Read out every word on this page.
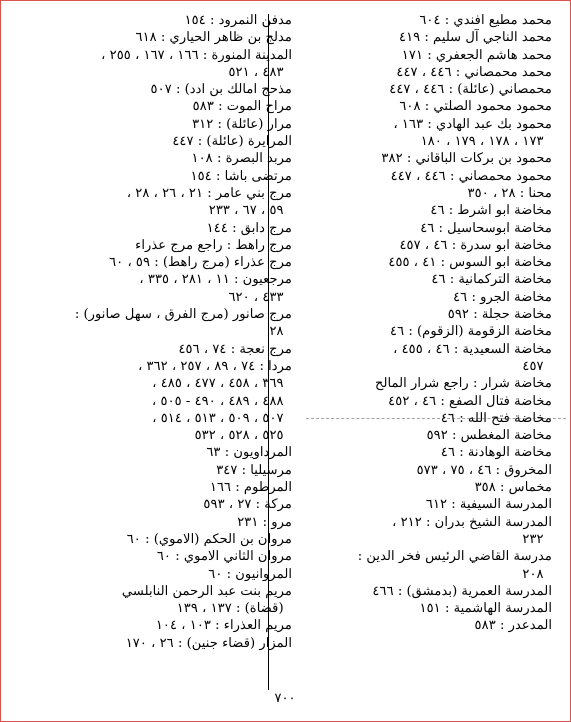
محمد مطيع افندي : ٦٠٤
محمد الناجي آل سليم : ٤١٩
محمد هاشم الجعفري : ١٧١
محمد محمصاني : ٤٤٦ ، ٤٤٧
محمصاني (عائلة) : ٤٤٦ ، ٤٤٧
محمود محمود الصلتي : ٦٠٨
محمود بك عبد الهادي : ١٦٣ ،
١٧٣ ، ١٧٨ ، ١٧٩ ، ١٨٠
محمود بن بركات الباقاني : ٣٨٢
محمود محمصاني : ٤٤٦ ، ٤٤٧
محنا : ٢٨ ، ٣٥٠
مخاضة ابو اشرط : ٤٦
مخاضة ابوسحاسيل : ٤٦
مخاضة ابو سدرة : ٤٦ ، ٤٥٧
مخاضة ابو السوس : ٤١ ، ٤٥٥
مخاضة التركمانية : ٤٦
مخاضة الجرو : ٤٦
مخاضة حجلة : ٥٩٢
مخاضة الزقومة (الزقوم) : ٤٦
مخاضة السعيدية : ٤٦ ، ٤٥٥ ،
٤٥٧
مخاضة شرار : راجع شرار المالح
مخاضة فتال الصفع : ٤٦ ، ٤٥٢
مخاضة فتح الله : ٤٦
مخاضة المغطس : ٥٩٢
مخاضة الوهادنة : ٤٦
المخروق : ٤٦ ، ٧٥ ، ٥٧٣
مخماس : ٣٥٨
المدرسة السيفية : ٦١٢
المدرسة الشيخ بدران : ٢١٢ ،
٢٣٢
مدرسة القاضي الرئيس فخر الدين :
٢٠٨
المدرسة العمرية (بدمشق) : ٤٦٦
المدرسة الهاشمية : ١٥١
المدعدر : ٥٨٣
مدفن النمرود : ١٥٤
مدلج بن ظاهر الحياري : ٦١٨
المدينة المنورة : ١٦٦ ، ١٦٧ ، ٢٥٥ ،
٤٨٣ ، ٥٢١
مذحج امالك بن ادد) : ٥٠٧
مراح الموت : ٥٨٣
مرار (عائلة) : ٣١٢
المرايرة (عائلة) : ٤٤٧
مربد البصرة : ١٠٨
مرتضى باشا : ١٥٤
مرج بني عامر : ٢١ ، ٢٦ ، ٢٨ ،
٥٩ ، ٦٧ ، ٢٣٣
مرج دابق : ١٤٤
مرج راهط : راجع مرج عذراء
مرج عذراء (مرج راهط) : ٥٩ ، ٦٠
مرجعيون : ١١ ، ٢٨١ ، ٣٣٥ ،
٤٣٣ ، ٦٢٠
مرج صانور (مرج الفرق ، سهل صانور) :
٢٨
مرج نعجة : ٧٤ ، ٤٥٦
مردا : ٧٤ ، ٨٩ ، ٢٥٧ ، ٣٦٢ ،
٣٦٩ ، ٤٥٨ ، ٤٧٧ ، ٤٨٥ ،
٤٨٨ ، ٤٨٩ ، ٤٩٠ - ٥٠٥ ،
٥٠٧ ، ٥٠٩ ، ٥١٣ ، ٥١٤ ،
٥٢٥ ، ٥٢٨ ، ٥٣٢
المرداويون : ٦٣
مرسيليا : ٣٤٧
المرطوم : ١٦٦
مركة : ٢٧ ، ٥٩٣
مرو : ٢٣١
مروان بن الحكم (الاموي) : ٦٠
مروان الثاني الاموي : ٦٠
المروانيون : ٦٠
مريم بنت عبد الرحمن النابلسي
(قضاة) : ١٣٧ ، ١٣٩
مريم العذراء : ١٠٣ ، ١٠٤
المزار (قضاء جنين) : ٢٦ ، ١٧٠
٧٠٠
